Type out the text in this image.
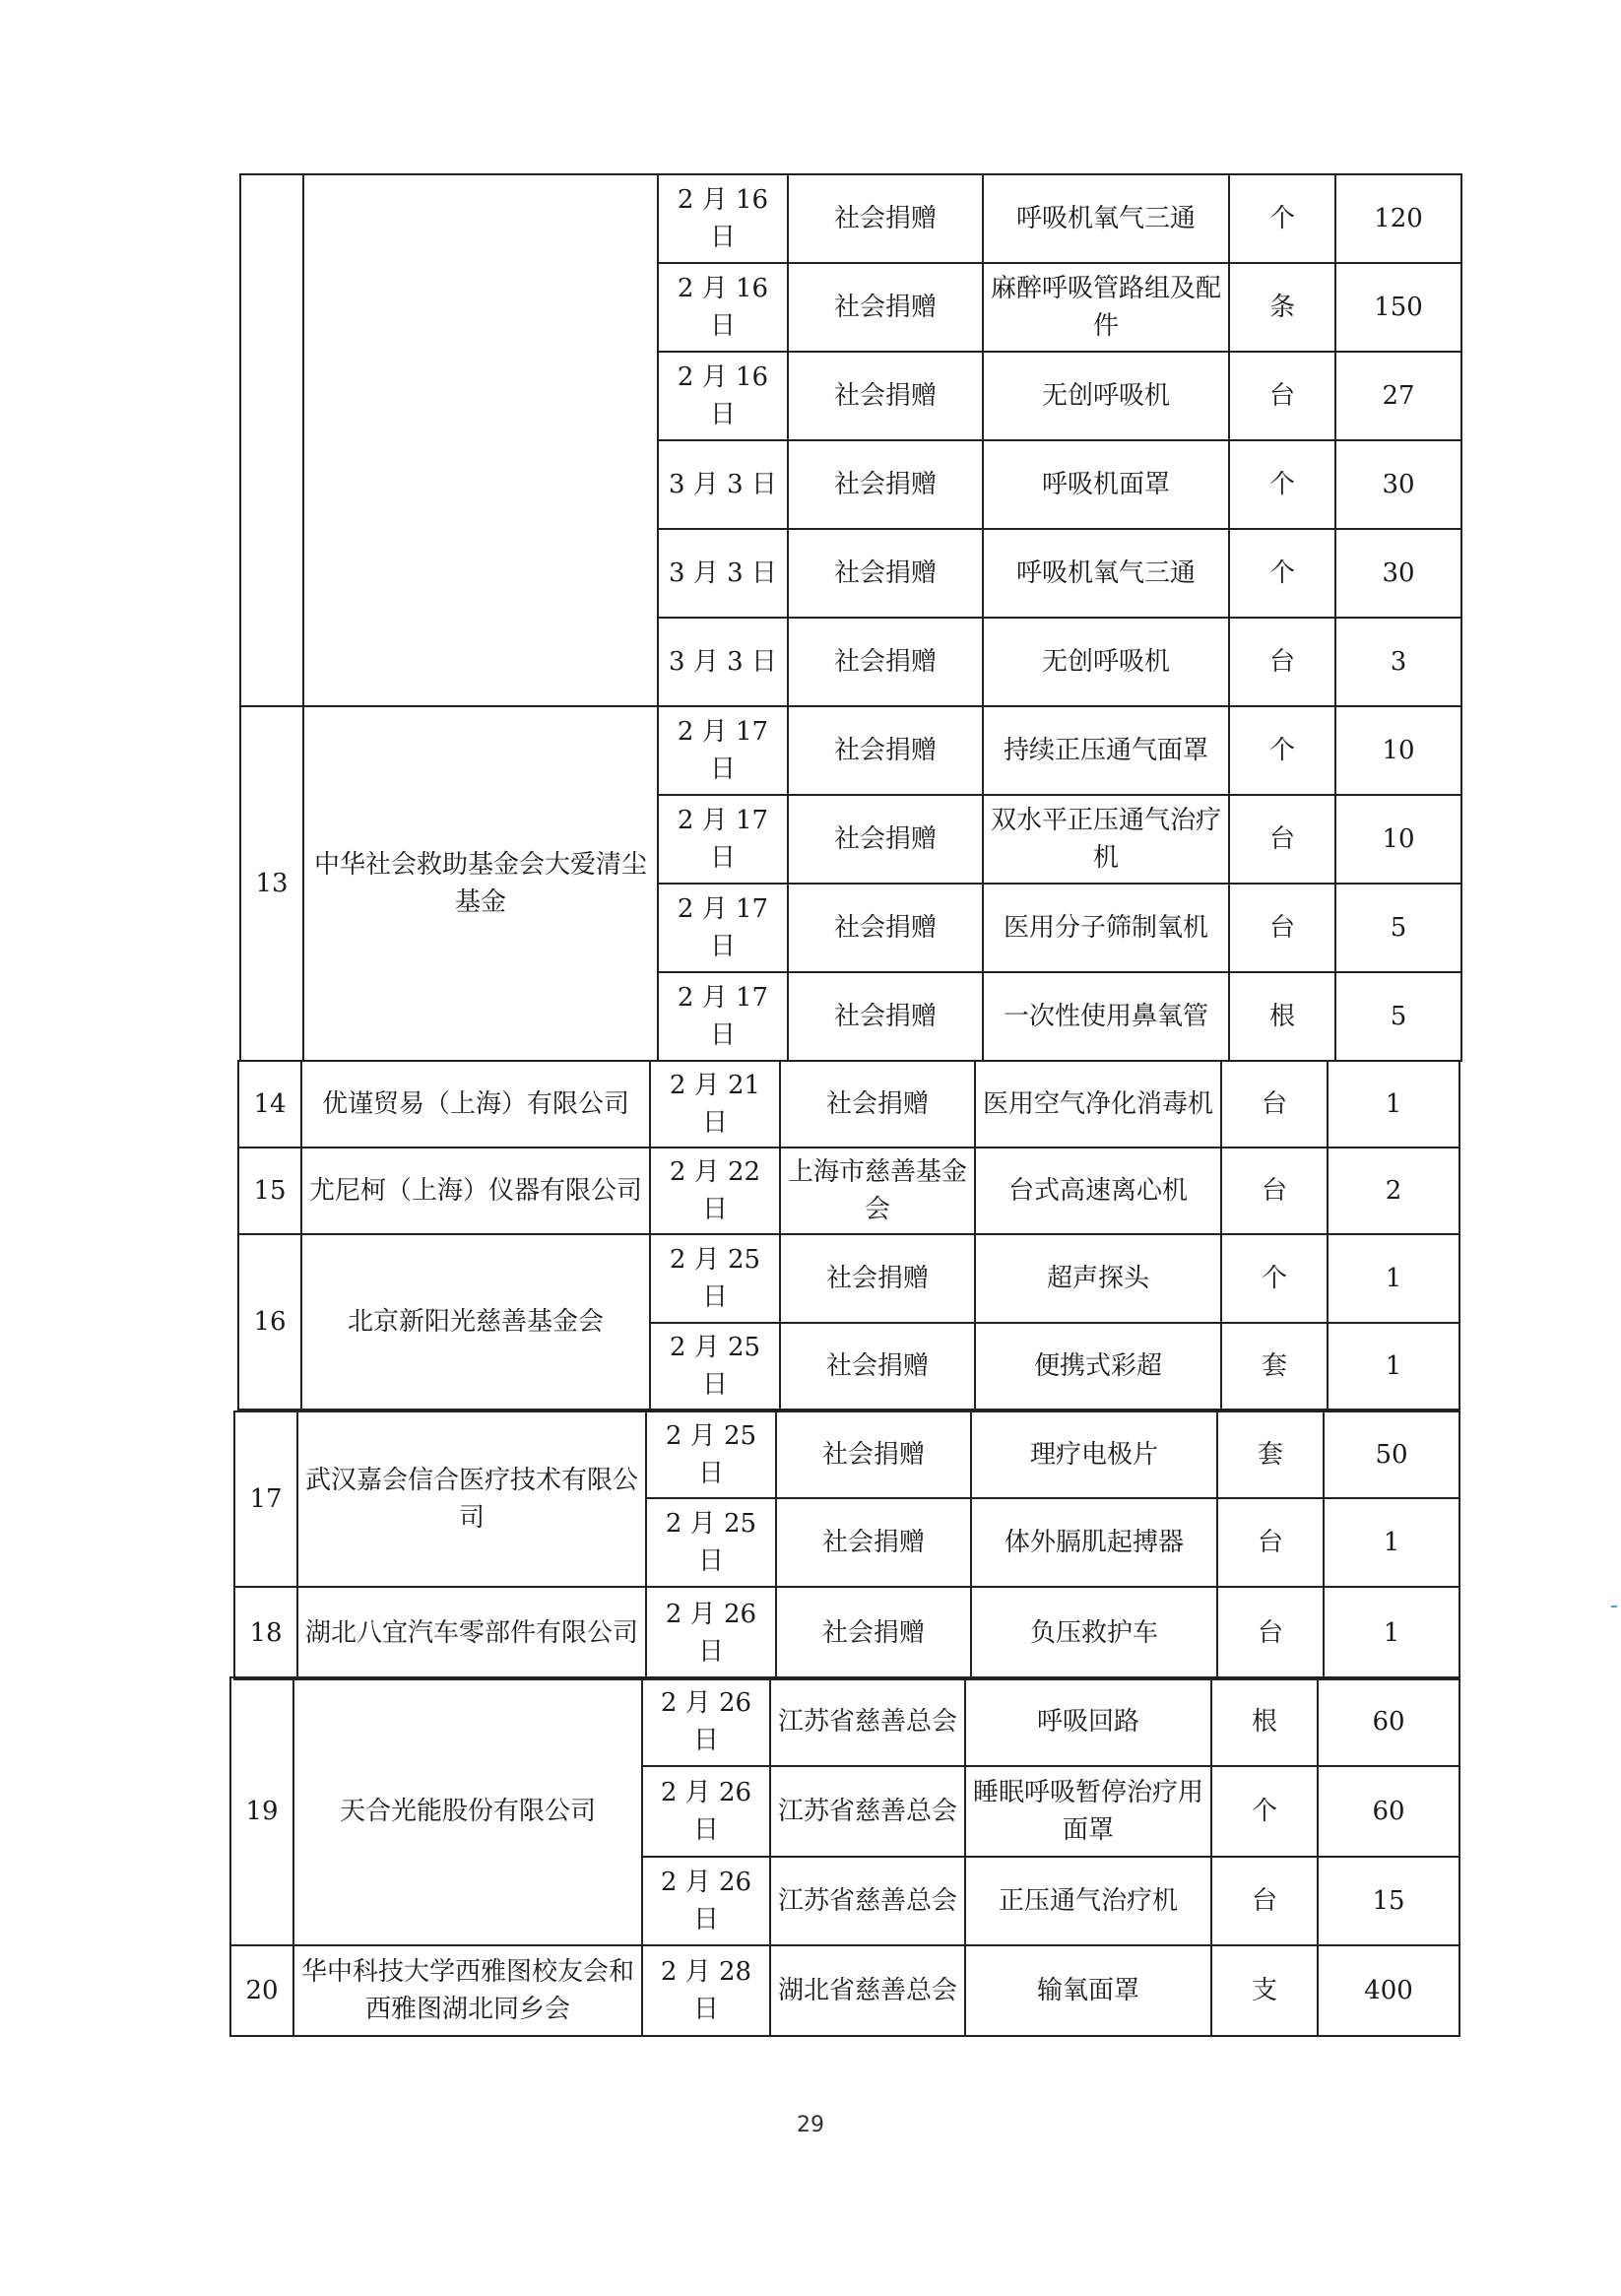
		2 月 16 日	社会捐赠	呼吸机氧气三通	个	120
		2 月 16 日	社会捐赠	麻醉呼吸管路组及配件	条	150
		2 月 16 日	社会捐赠	无创呼吸机	台	27
		3 月 3 日	社会捐赠	呼吸机面罩	个	30
		3 月 3 日	社会捐赠	呼吸机氧气三通	个	30
		3 月 3 日	社会捐赠	无创呼吸机	台	3
13	中华社会救助基金会大爱清尘基金	2 月 17 日	社会捐赠	持续正压通气面罩	个	10
		2 月 17 日	社会捐赠	双水平正压通气治疗机	台	10
		2 月 17 日	社会捐赠	医用分子筛制氧机	台	5
		2 月 17 日	社会捐赠	一次性使用鼻氧管	根	5
14	优谨贸易（上海）有限公司	2 月 21 日	社会捐赠	医用空气净化消毒机	台	1
15	尤尼柯（上海）仪器有限公司	2 月 22 日	上海市慈善基金会	台式高速离心机	台	2
16	北京新阳光慈善基金会	2 月 25 日	社会捐赠	超声探头	个	1
		2 月 25 日	社会捐赠	便携式彩超	套	1
17	武汉嘉会信合医疗技术有限公司	2 月 25 日	社会捐赠	理疗电极片	套	50
		2 月 25 日	社会捐赠	体外膈肌起搏器	台	1
18	湖北八宜汽车零部件有限公司	2 月 26 日	社会捐赠	负压救护车	台	1
19	天合光能股份有限公司	2 月 26 日	江苏省慈善总会	呼吸回路	根	60
		2 月 26 日	江苏省慈善总会	睡眠呼吸暂停治疗用面罩	个	60
		2 月 26 日	江苏省慈善总会	正压通气治疗机	台	15
20	华中科技大学西雅图校友会和西雅图湖北同乡会	2 月 28 日	湖北省慈善总会	输氧面罩	支	400
29
